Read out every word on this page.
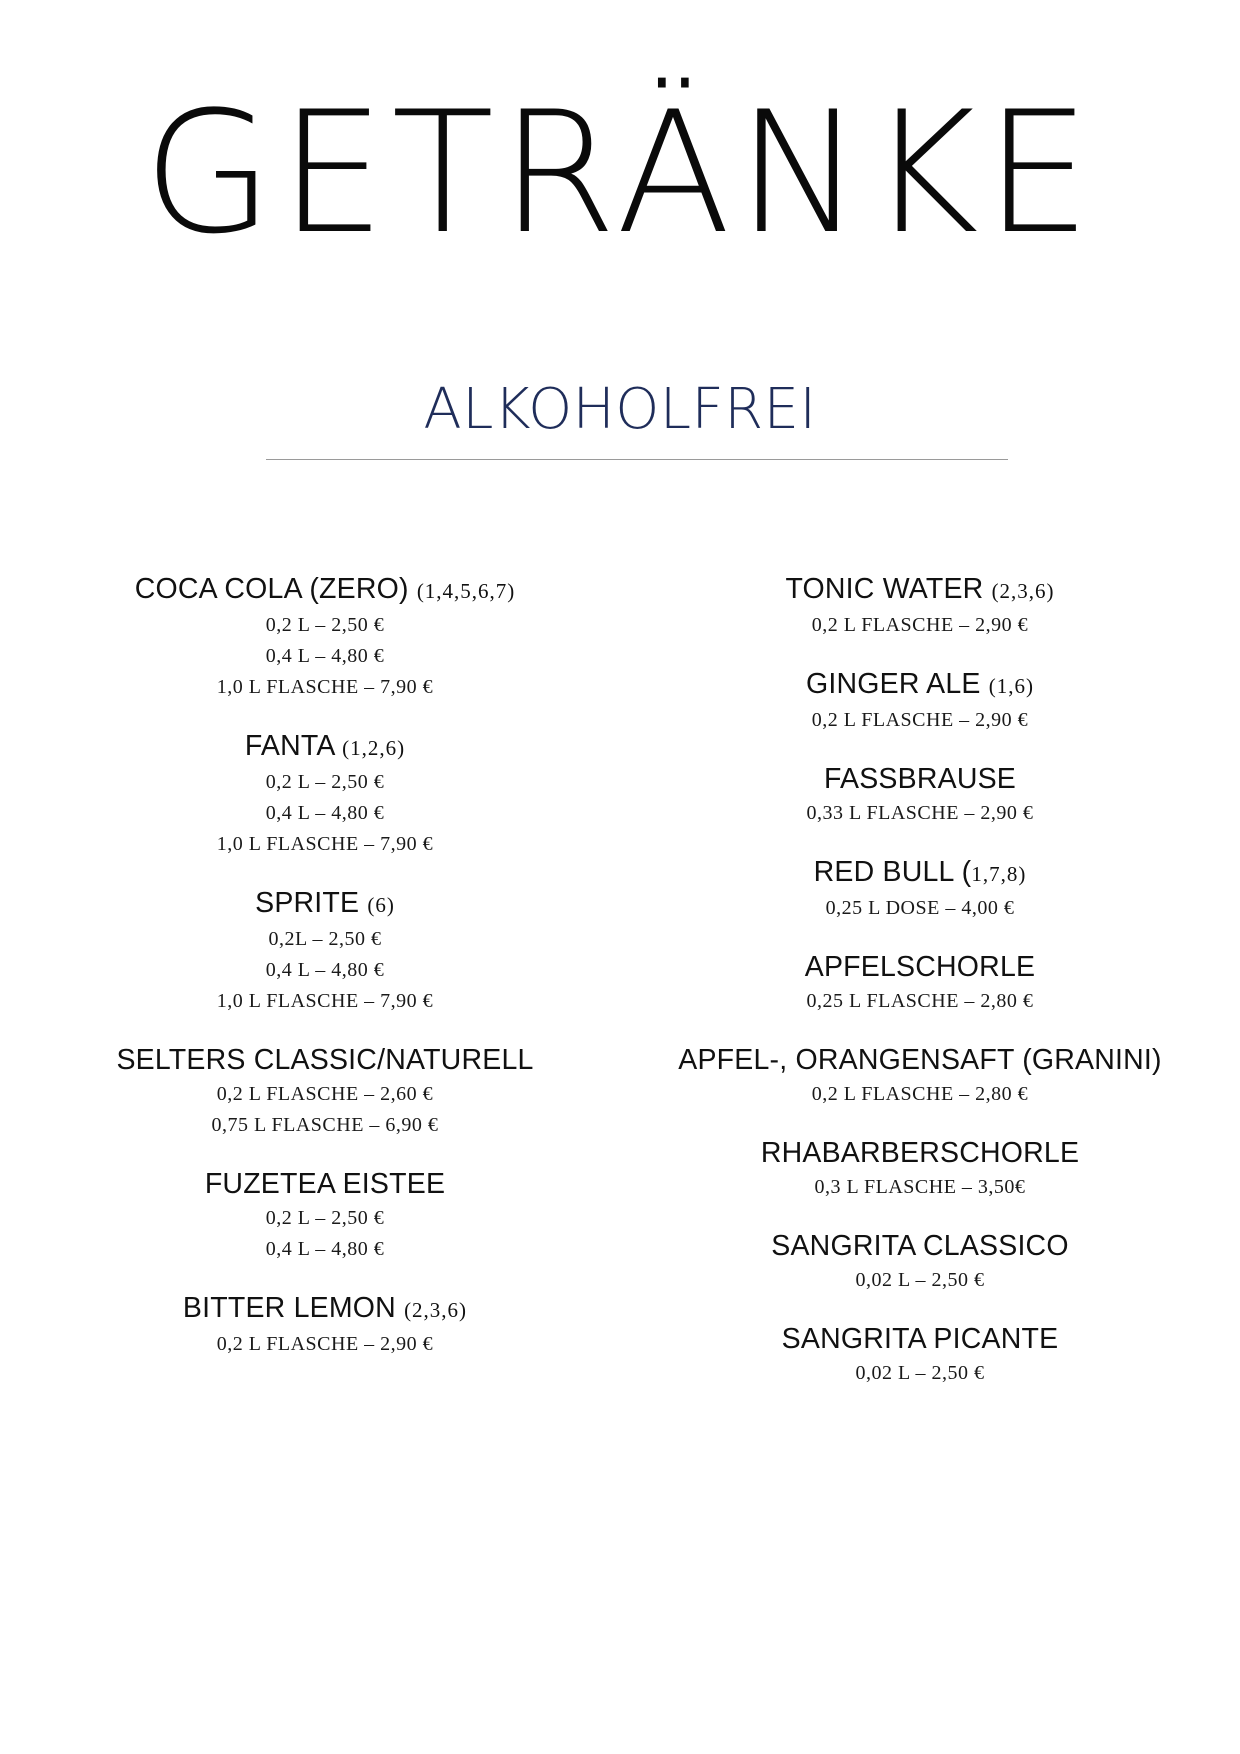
GETRÄNKE
ALKOHOLFREI
COCA COLA (ZERO) (1,4,5,6,7)
0,2 L – 2,50 €
0,4 L – 4,80 €
1,0 L FLASCHE – 7,90 €
FANTA (1,2,6)
0,2 L – 2,50 €
0,4 L – 4,80 €
1,0 L FLASCHE – 7,90 €
SPRITE (6)
0,2L – 2,50 €
0,4 L – 4,80 €
1,0 L FLASCHE – 7,90 €
SELTERS CLASSIC/NATURELL
0,2 L FLASCHE – 2,60 €
0,75 L FLASCHE – 6,90 €
FUZETEA EISTEE
0,2 L – 2,50 €
0,4 L – 4,80 €
BITTER LEMON (2,3,6)
0,2 L FLASCHE – 2,90 €
TONIC WATER (2,3,6)
0,2 L FLASCHE – 2,90 €
GINGER ALE (1,6)
0,2 L FLASCHE – 2,90 €
FASSBRAUSE
0,33 L FLASCHE – 2,90 €
RED BULL (1,7,8)
0,25 L DOSE – 4,00 €
APFELSCHORLE
0,25 L FLASCHE – 2,80 €
APFEL-, ORANGENSAFT (GRANINI)
0,2 L FLASCHE – 2,80 €
RHABARBERSCHORLE
0,3 L FLASCHE – 3,50€
SANGRITA CLASSICO
0,02 L – 2,50 €
SANGRITA PICANTE
0,02 L – 2,50 €
